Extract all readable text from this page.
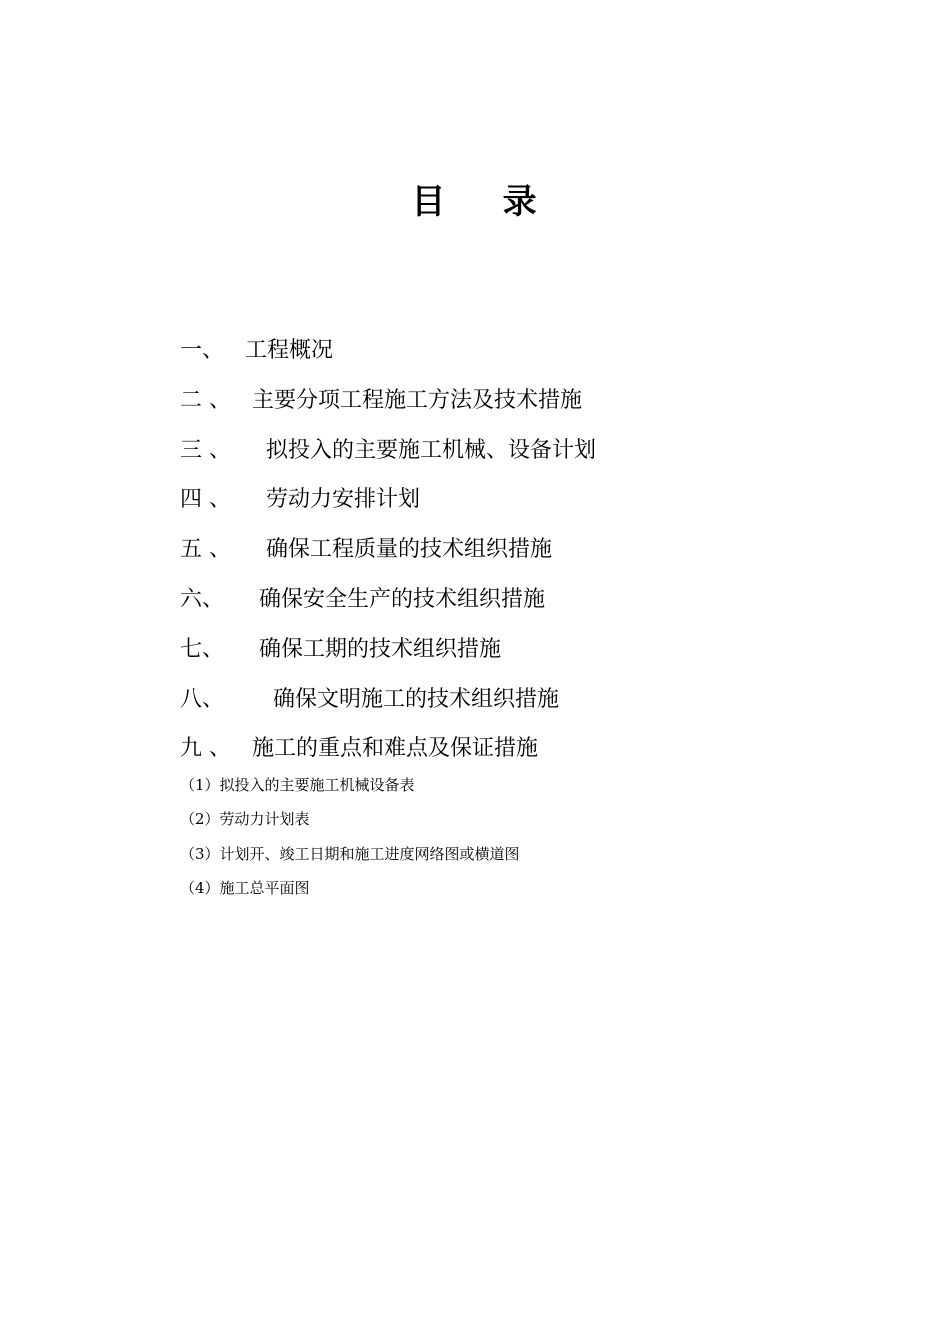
目    录
一、 工程概况
二 、 主要分项工程施工方法及技术措施
三 、 拟投入的主要施工机械、设备计划
四 、 劳动力安排计划
五 、 确保工程质量的技术组织措施
六、 确保安全生产的技术组织措施
七、 确保工期的技术组织措施
八、 确保文明施工的技术组织措施
九 、 施工的重点和难点及保证措施
（1）拟投入的主要施工机械设备表
（2）劳动力计划表
（3）计划开、竣工日期和施工进度网络图或横道图
（4）施工总平面图
